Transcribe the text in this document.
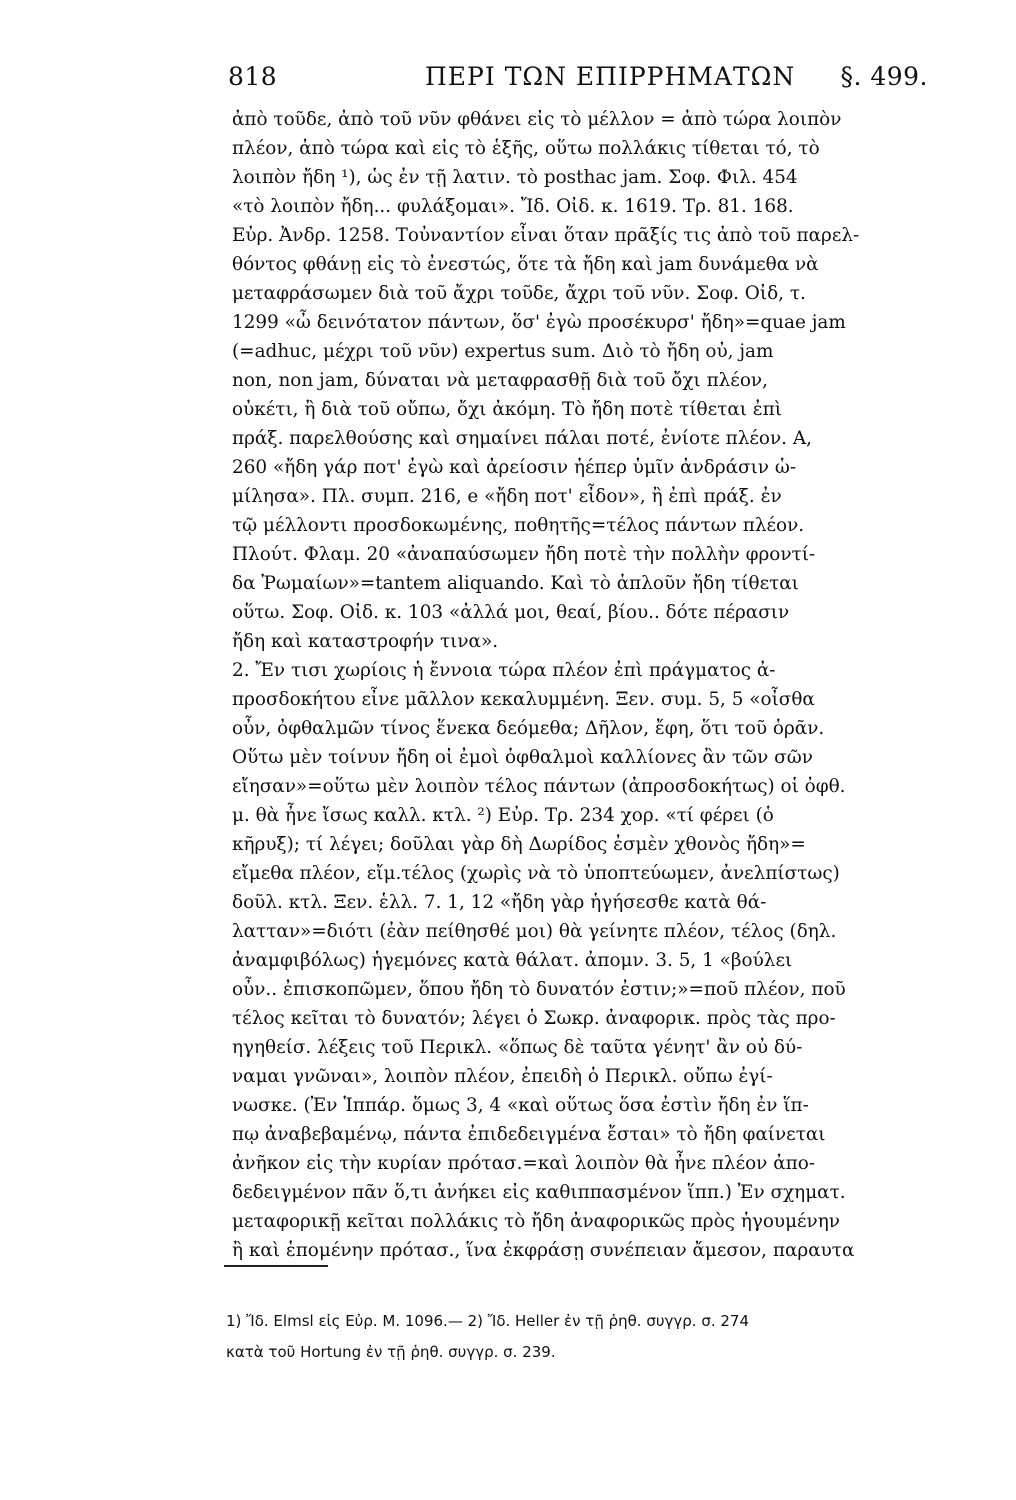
818	ΠΕΡΙ ΤΩΝ ΕΠΙΡΡΗΜΑΤΩΝ §. 499.
ἀπὸ τοῦδε, ἀπὸ τοῦ νῦν φθάνει εἰς τὸ μέλλον = ἀπὸ τώρα λοιπὸν
πλέον, ἀπὸ τώρα καὶ εἰς τὸ ἑξῆς, οὕτω πολλάκις τίθεται τό, τὸ
λοιπὸν ἤδη ¹), ὡς ἐν τῇ λατιν. τὸ posthac jam. Σοφ. Φιλ. 454
«τὸ λοιπὸν ἤδη... φυλάξομαι». Ἴδ. Οἰδ. κ. 1619. Τρ. 81. 168.
Εὐρ. Ἀνδρ. 1258. Τοὐναντίον εἶναι ὅταν πρᾶξίς τις ἀπὸ τοῦ παρελ-
θόντος φθάνῃ εἰς τὸ ἐνεστώς, ὅτε τὰ ἤδη καὶ jam δυνάμεθα νὰ
μεταφράσωμεν διὰ τοῦ ἄχρι τοῦδε, ἄχρι τοῦ νῦν. Σοφ. Οἰδ, τ.
1299 «ὦ δεινότατον πάντων, ὅσ' ἐγὼ προσέκυρσ' ἤδη»=quae jam
(=adhuc, μέχρι τοῦ νῦν) expertus sum. Διὸ τὸ ἤδη οὐ, jam
non, non jam, δύναται νὰ μεταφρασθῇ διὰ τοῦ ὄχι πλέον,
οὐκέτι, ἢ διὰ τοῦ οὔπω, ὄχι ἀκόμη. Τὸ ἤδη ποτὲ τίθεται ἐπὶ
πράξ. παρελθούσης καὶ σημαίνει πάλαι ποτέ, ἐνίοτε πλέον. Α,
260 «ἤδη γάρ ποτ' ἐγὼ καὶ ἀρείοσιν ἠέπερ ὑμῖν ἀνδράσιν ὡ-
μίλησα». Πλ. συμπ. 216, e «ἤδη ποτ' εἶδον», ἢ ἐπὶ πράξ. ἐν
τῷ μέλλοντι προσδοκωμένης, ποθητῆς=τέλος πάντων πλέον.
Πλούτ. Φλαμ. 20 «ἀναπαύσωμεν ἤδη ποτὲ τὴν πολλὴν φροντί-
δα Ῥωμαίων»=tantem aliquando. Καὶ τὸ ἁπλοῦν ἤδη τίθεται
οὕτω. Σοφ. Οἰδ. κ. 103 «ἀλλά μοι, θεαί, βίου.. δότε πέρασιν
ἤδη καὶ καταστροφήν τινα».
2. Ἔν τισι χωρίοις ἡ ἔννοια τώρα πλέον ἐπὶ πράγματος ἀ-
προσδοκήτου εἶνε μᾶλλον κεκαλυμμένη. Ξεν. συμ. 5, 5 «οἶσθα
οὖν, ὀφθαλμῶν τίνος ἕνεκα δεόμεθα; Δῆλον, ἔφη, ὅτι τοῦ ὁρᾶν.
Οὕτω μὲν τοίνυν ἤδη οἱ ἐμοὶ ὀφθαλμοὶ καλλίονες ἂν τῶν σῶν
εἴησαν»=οὕτω μὲν λοιπὸν τέλος πάντων (ἀπροσδοκήτως) οἱ ὀφθ.
μ. θὰ ἦνε ἴσως καλλ. κτλ. ²) Εὐρ. Τρ. 234 χορ. «τί φέρει (ὁ
κῆρυξ); τί λέγει; δοῦλαι γὰρ δὴ Δωρίδος ἐσμὲν χθονὸς ἤδη»=
εἴμεθα πλέον, εἴμ.τέλος (χωρὶς νὰ τὸ ὑποπτεύωμεν, ἀνελπίστως)
δοῦλ. κτλ. Ξεν. ἑλλ. 7. 1, 12 «ἤδη γὰρ ἡγήσεσθε κατὰ θά-
λατταν»=διότι (ἐὰν πείθησθέ μοι) θὰ γείνητε πλέον, τέλος (δηλ.
ἀναμφιβόλως) ἡγεμόνες κατὰ θάλατ. ἀπομν. 3. 5, 1 «βούλει
οὖν.. ἐπισκοπῶμεν, ὅπου ἤδη τὸ δυνατόν ἐστιν;»=ποῦ πλέον, ποῦ
τέλος κεῖται τὸ δυνατόν; λέγει ὁ Σωκρ. ἀναφορικ. πρὸς τὰς προ-
ηγηθείσ. λέξεις τοῦ Περικλ. «ὅπως δὲ ταῦτα γένητ' ἂν οὐ δύ-
ναμαι γνῶναι», λοιπὸν πλέον, ἐπειδὴ ὁ Περικλ. οὔπω ἐγί-
νωσκε. (Ἐν Ἱππάρ. ὅμως 3, 4 «καὶ οὕτως ὅσα ἐστὶν ἤδη ἐν ἵπ-
πῳ ἀναβεβαμένῳ, πάντα ἐπιδεδειγμένα ἔσται» τὸ ἤδη φαίνεται
ἀνῆκον εἰς τὴν κυρίαν πρότασ.=καὶ λοιπὸν θὰ ἦνε πλέον ἀπο-
δεδειγμένον πᾶν ὅ,τι ἀνήκει εἰς καθιππασμένον ἵππ.) Ἐν σχηματ.
μεταφορικῇ κεῖται πολλάκις τὸ ἤδη ἀναφορικῶς πρὸς ἡγουμένην
ἢ καὶ ἑπομένην πρότασ., ἵνα ἐκφράσῃ συνέπειαν ἄμεσον, παραυτα
1) Ἴδ. Elmsl εἰς Εὐρ. Μ. 1096.— 2) Ἴδ. Heller ἐν τῇ ῥηθ. συγγρ. σ. 274
κατὰ τοῦ Hortung ἐν τῇ ῥηθ. συγγρ. σ. 239.
